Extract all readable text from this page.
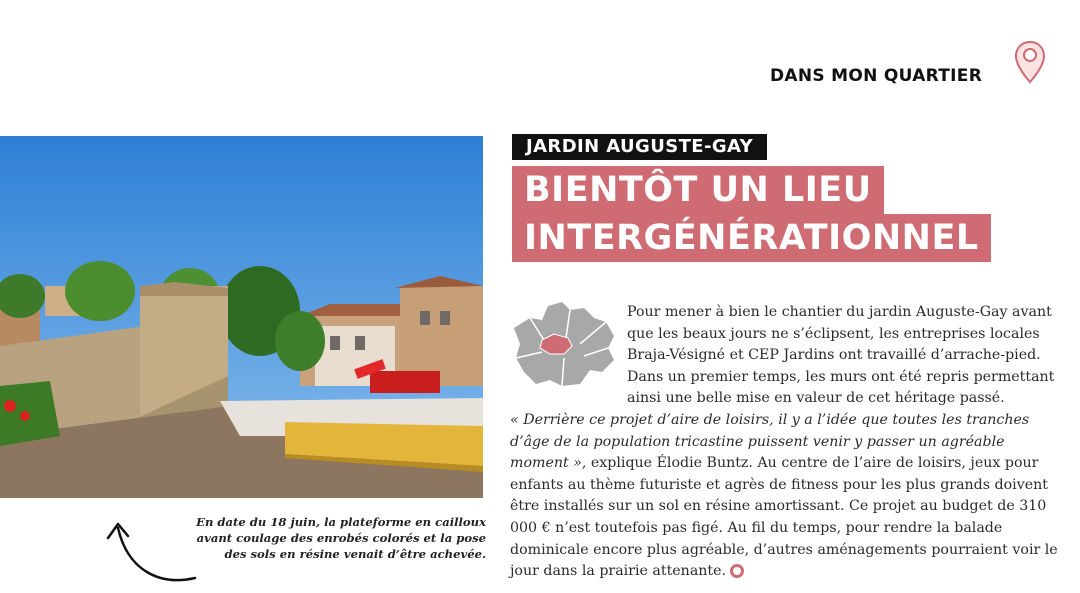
DANS MON QUARTIER
En date du 18 juin, la plateforme en cailloux avant coulage des enrobés colorés et la pose des sols en résine venait d’être achevée.
JARDIN AUGUSTE-GAY
BIENTÔT UN LIEU
INTERGÉNÉRATIONNEL

Pour mener à bien le chantier du jardin Auguste-Gay avant que les beaux jours ne s’éclipsent, les entreprises locales Braja-Vésigné et CEP Jardins ont travaillé d’arrache-pied. Dans un premier temps, les murs ont été repris permettant ainsi une belle mise en valeur de cet héritage passé.

« Derrière ce projet d’aire de loisirs, il y a l’idée que toutes les tranches d’âge de la population tricastine puissent venir y passer un agréable moment », explique Élodie Buntz. Au centre de l’aire de loisirs, jeux pour enfants au thème futuriste et agrès de fitness pour les plus grands doivent être installés sur un sol en résine amortissant. Ce projet au budget de 310 000 € n’est toutefois pas figé. Au fil du temps, pour rendre la balade dominicale encore plus agréable, d’autres aménagements pourraient voir le jour dans la prairie attenante.
